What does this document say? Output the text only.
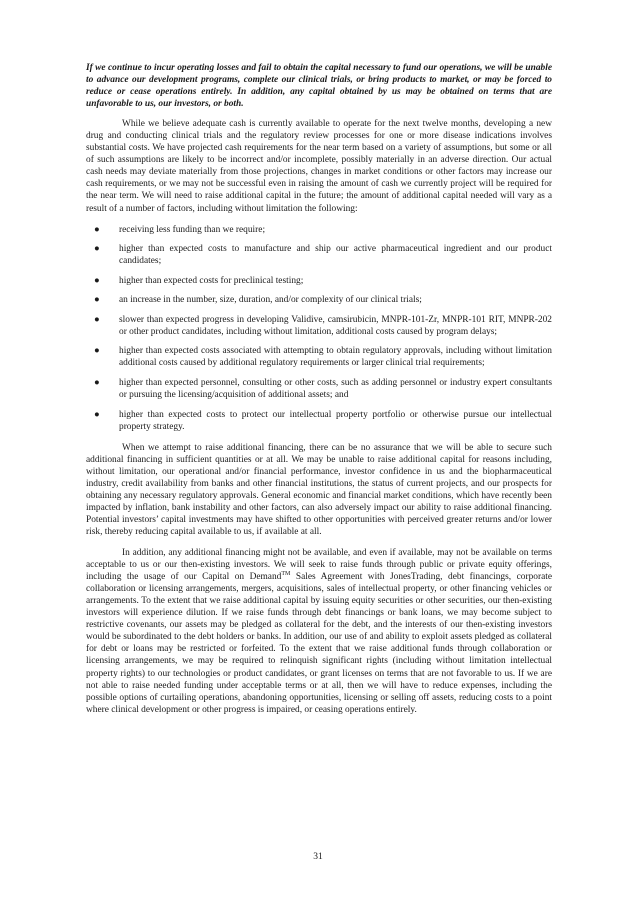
If we continue to incur operating losses and fail to obtain the capital necessary to fund our operations, we will be unable to advance our development programs, complete our clinical trials, or bring products to market, or may be forced to reduce or cease operations entirely. In addition, any capital obtained by us may be obtained on terms that are unfavorable to us, our investors, or both.

While we believe adequate cash is currently available to operate for the next twelve months, developing a new drug and conducting clinical trials and the regulatory review processes for one or more disease indications involves substantial costs. We have projected cash requirements for the near term based on a variety of assumptions, but some or all of such assumptions are likely to be incorrect and/or incomplete, possibly materially in an adverse direction. Our actual cash needs may deviate materially from those projections, changes in market conditions or other factors may increase our cash requirements, or we may not be successful even in raising the amount of cash we currently project will be required for the near term. We will need to raise additional capital in the future; the amount of additional capital needed will vary as a result of a number of factors, including without limitation the following:

● receiving less funding than we require;
● higher than expected costs to manufacture and ship our active pharmaceutical ingredient and our product candidates;
● higher than expected costs for preclinical testing;
● an increase in the number, size, duration, and/or complexity of our clinical trials;
● slower than expected progress in developing Validive, camsirubicin, MNPR-101-Zr, MNPR-101 RIT, MNPR-202 or other product candidates, including without limitation, additional costs caused by program delays;
● higher than expected costs associated with attempting to obtain regulatory approvals, including without limitation additional costs caused by additional regulatory requirements or larger clinical trial requirements;
● higher than expected personnel, consulting or other costs, such as adding personnel or industry expert consultants or pursuing the licensing/acquisition of additional assets; and
● higher than expected costs to protect our intellectual property portfolio or otherwise pursue our intellectual property strategy.

When we attempt to raise additional financing, there can be no assurance that we will be able to secure such additional financing in sufficient quantities or at all. We may be unable to raise additional capital for reasons including, without limitation, our operational and/or financial performance, investor confidence in us and the biopharmaceutical industry, credit availability from banks and other financial institutions, the status of current projects, and our prospects for obtaining any necessary regulatory approvals. General economic and financial market conditions, which have recently been impacted by inflation, bank instability and other factors, can also adversely impact our ability to raise additional financing. Potential investors’ capital investments may have shifted to other opportunities with perceived greater returns and/or lower risk, thereby reducing capital available to us, if available at all.

In addition, any additional financing might not be available, and even if available, may not be available on terms acceptable to us or our then-existing investors. We will seek to raise funds through public or private equity offerings, including the usage of our Capital on Demand™ Sales Agreement with JonesTrading, debt financings, corporate collaboration or licensing arrangements, mergers, acquisitions, sales of intellectual property, or other financing vehicles or arrangements. To the extent that we raise additional capital by issuing equity securities or other securities, our then-existing investors will experience dilution. If we raise funds through debt financings or bank loans, we may become subject to restrictive covenants, our assets may be pledged as collateral for the debt, and the interests of our then-existing investors would be subordinated to the debt holders or banks. In addition, our use of and ability to exploit assets pledged as collateral for debt or loans may be restricted or forfeited. To the extent that we raise additional funds through collaboration or licensing arrangements, we may be required to relinquish significant rights (including without limitation intellectual property rights) to our technologies or product candidates, or grant licenses on terms that are not favorable to us. If we are not able to raise needed funding under acceptable terms or at all, then we will have to reduce expenses, including the possible options of curtailing operations, abandoning opportunities, licensing or selling off assets, reducing costs to a point where clinical development or other progress is impaired, or ceasing operations entirely.

31
